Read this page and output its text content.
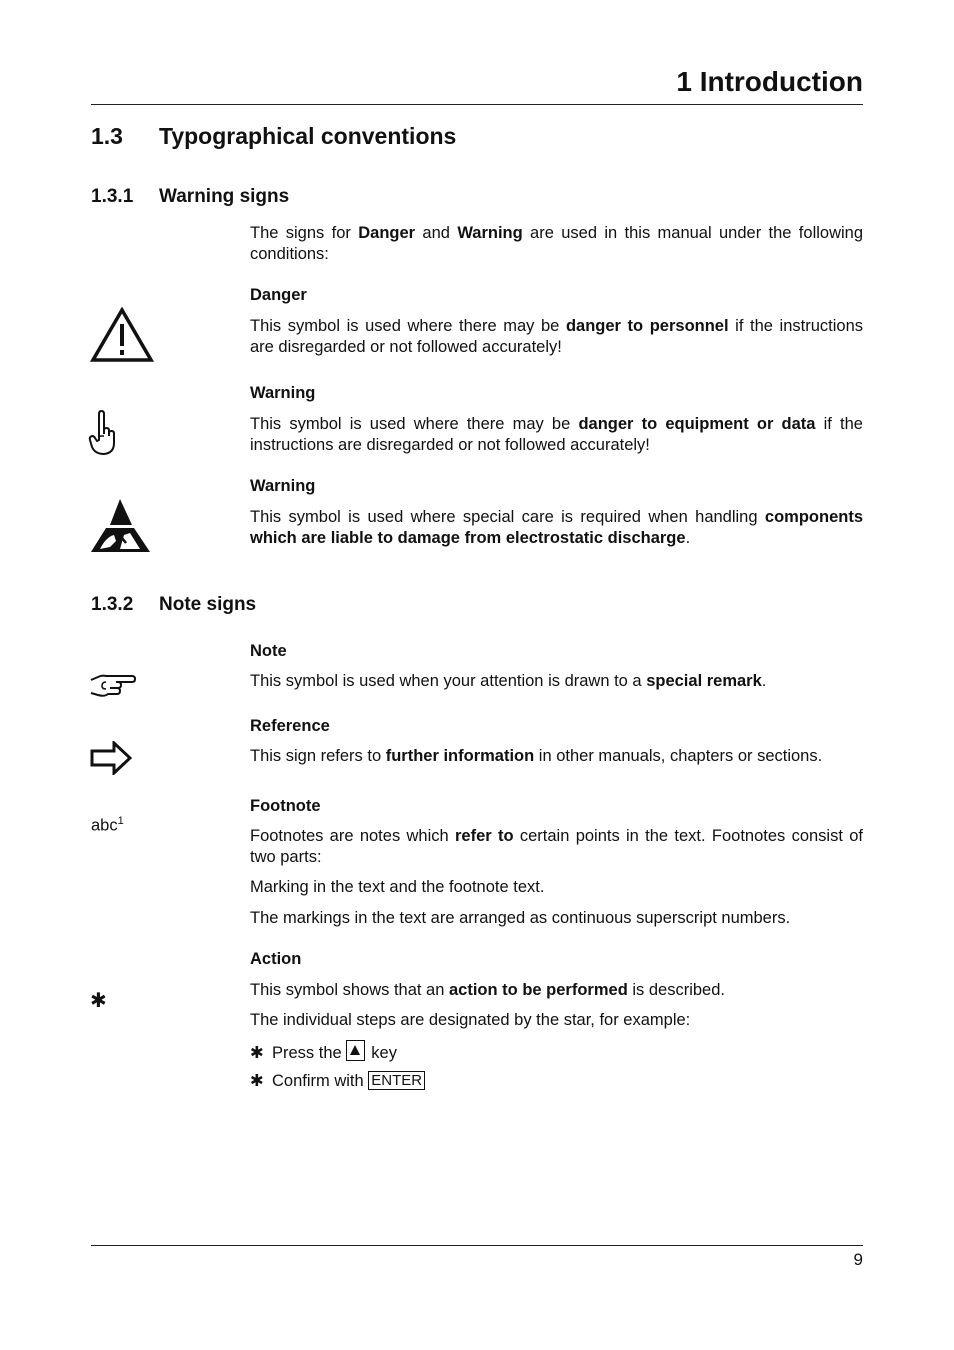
1 Introduction
1.3 Typographical conventions
1.3.1 Warning signs
The signs for Danger and Warning are used in this manual under the following conditions:
Danger
This symbol is used where there may be danger to personnel if the instructions are disregarded or not followed accurately!
Warning
This symbol is used where there may be danger to equipment or data if the instructions are disregarded or not followed accurately!
Warning
This symbol is used where special care is required when handling components which are liable to damage from electrostatic discharge.
1.3.2 Note signs
Note
This symbol is used when your attention is drawn to a special remark.
Reference
This sign refers to further information in other manuals, chapters or sections.
Footnote
abc$^1$
Footnotes are notes which refer to certain points in the text. Footnotes consist of two parts:
Marking in the text and the footnote text.
The markings in the text are arranged as continuous superscript numbers.
Action
✱	This symbol shows that an action to be performed is described.
The individual steps are designated by the star, for example:
✱ Press the key
✱ Confirm with ENTER
9
